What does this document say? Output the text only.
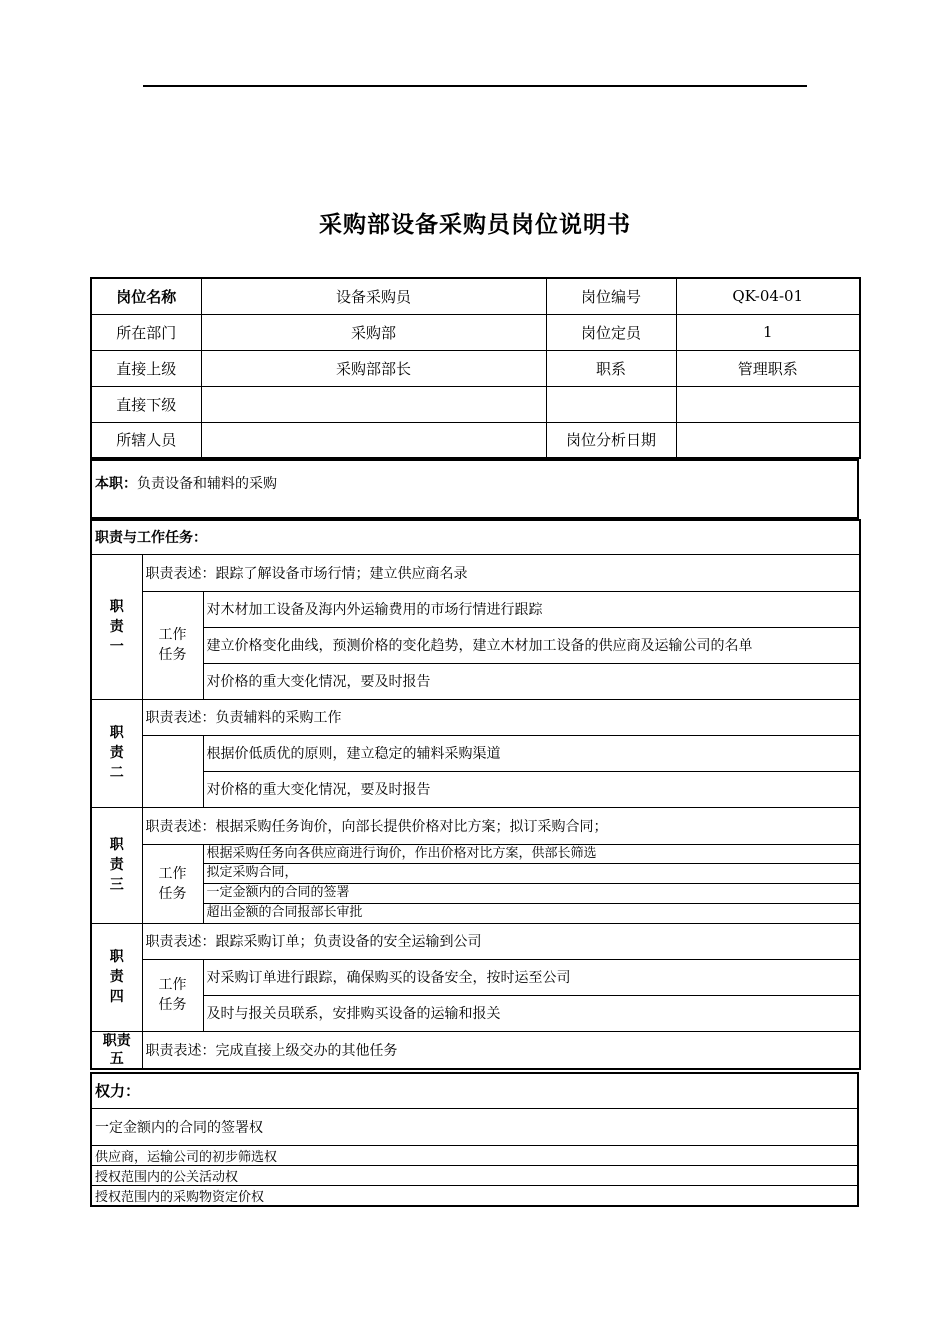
采购部设备采购员岗位说明书
岗位名称	设备采购员	岗位编号	QK-04-01
所在部门	采购部	岗位定员	1
直接上级	采购部部长	职系	管理职系
直接下级			
所辖人员		岗位分析日期	
本职：负责设备和辅料的采购
职责与工作任务：		
职责一	职责表述：跟踪了解设备市场行情；建立供应商名录	
	工作任务	对木材加工设备及海内外运输费用的市场行情进行跟踪
		建立价格变化曲线，预测价格的变化趋势，建立木材加工设备的供应商及运输公司的名单
		对价格的重大变化情况，要及时报告
职责二	职责表述：负责辅料的采购工作	
		根据价低质优的原则，建立稳定的辅料采购渠道
		对价格的重大变化情况，要及时报告
职责三	职责表述：根据采购任务询价，向部长提供价格对比方案；拟订采购合同；	
	工作任务	根据采购任务向各供应商进行询价，作出价格对比方案，供部长筛选
		拟定采购合同，
		一定金额内的合同的签署
		超出金额的合同报部长审批
职责四	职责表述：跟踪采购订单；负责设备的安全运输到公司	
	工作任务	对采购订单进行跟踪，确保购买的设备安全，按时运至公司
		及时与报关员联系，安排购买设备的运输和报关
职责五	职责表述：完成直接上级交办的其他任务	
权力：
一定金额内的合同的签署权
供应商，运输公司的初步筛选权
授权范围内的公关活动权
授权范围内的采购物资定价权
